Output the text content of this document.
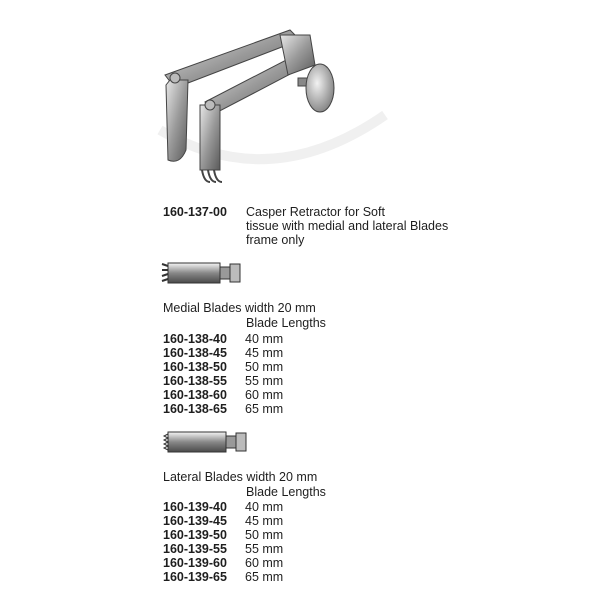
160-137-00 Casper Retractor for Soft
tissue with medial and lateral Blades
frame only
Medial Blades width 20 mm
Blade Lengths
160-138-40 40 mm
160-138-45 45 mm
160-138-50 50 mm
160-138-55 55 mm
160-138-60 60 mm
160-138-65 65 mm
Lateral Blades width 20 mm
Blade Lengths
160-139-40 40 mm
160-139-45 45 mm
160-139-50 50 mm
160-139-55 55 mm
160-139-60 60 mm
160-139-65 65 mm
